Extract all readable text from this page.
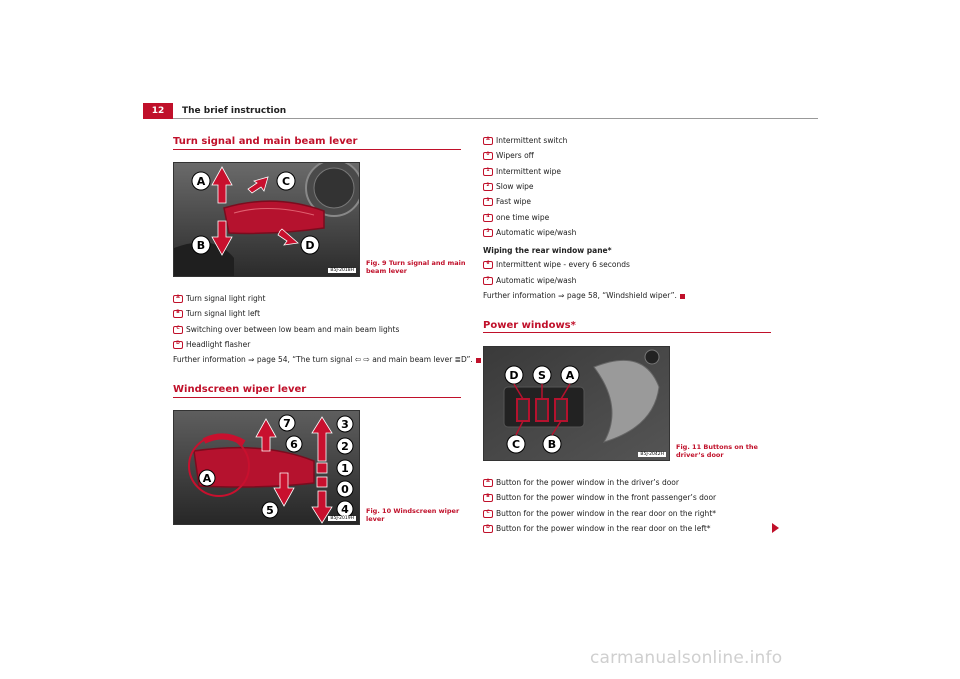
12	The brief instruction
Turn signal and main beam lever
A	C
B	D
B5J-2018H
Fig. 9 Turn signal and main
beam lever
A Turn signal light right
B Turn signal light left
C Switching over between low beam and main beam lights
D Headlight flasher
Further information ⇒ page 54, “The turn signal ⇦ ⇨ and main beam lever ≣D”.
Windscreen wiper lever
7
6
5
3
2
1
0
4
A
B5J-2019H
Fig. 10 Windscreen wiper
lever
A Intermittent switch
0 Wipers off
1 Intermittent wipe
2 Slow wipe
3 Fast wipe
4 one time wipe
5 Automatic wipe/wash
Wiping the rear window pane*
6 Intermittent wipe - every 6 seconds
7 Automatic wipe/wash
Further information ⇒ page 58, “Windshield wiper”.
Power windows*
D S A
C	B
B5J-2042H
Fig. 11 Buttons on the
driver’s door
A Button for the power window in the driver’s door
B Button for the power window in the front passenger’s door
C Button for the power window in the rear door on the right*
D Button for the power window in the rear door on the left*
carmanualsonline.info
